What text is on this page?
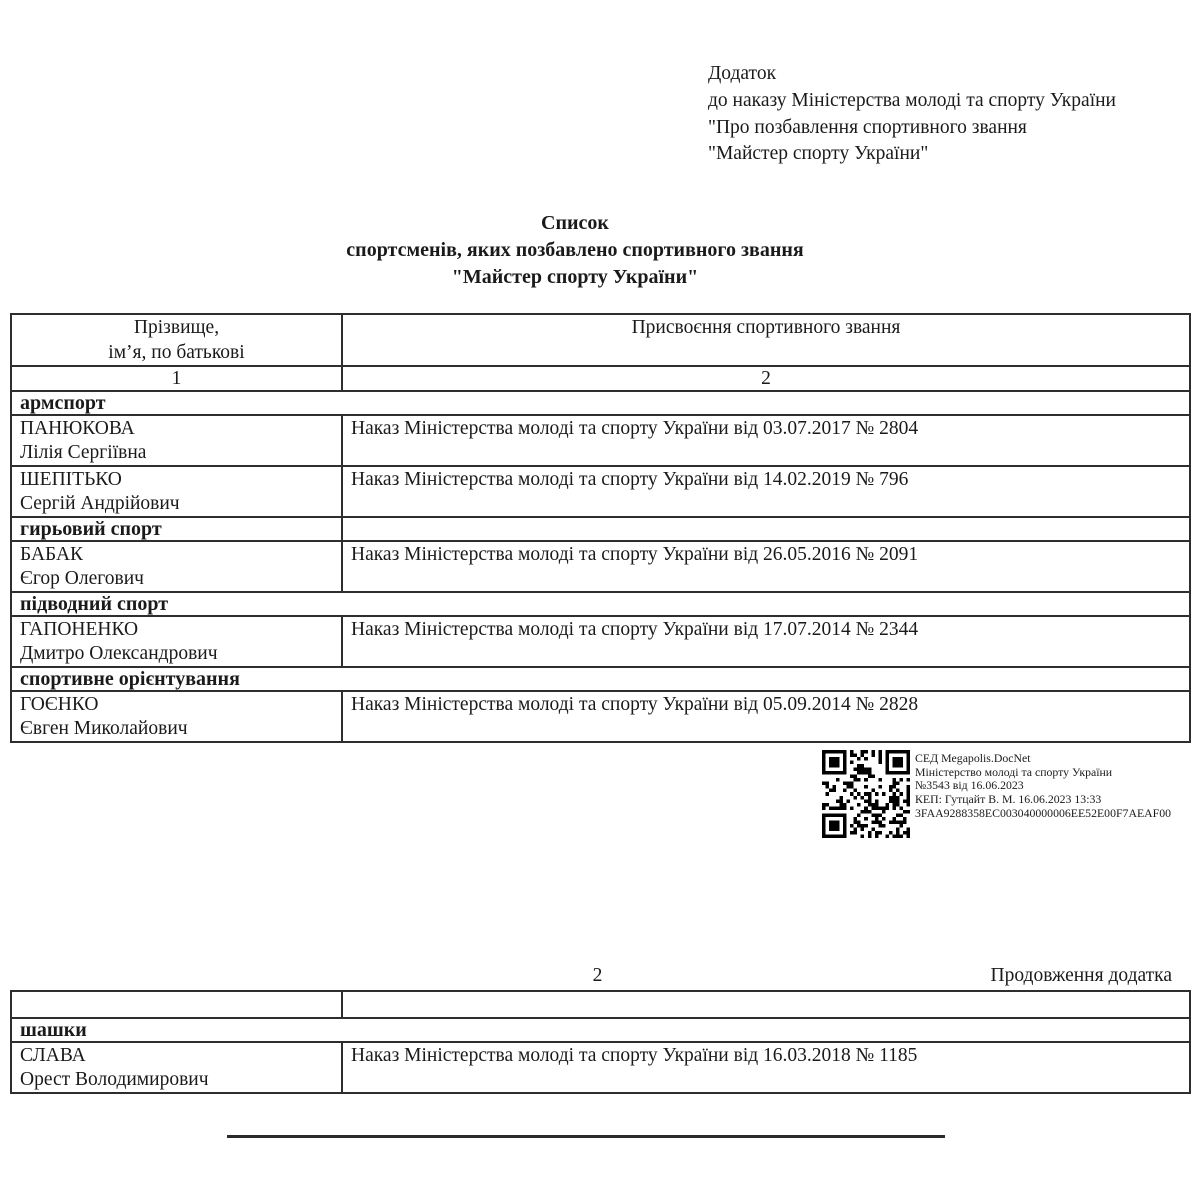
Додаток
до наказу Міністерства молоді та спорту України
"Про позбавлення спортивного звання
"Майстер спорту України"
Список
спортсменів, яких позбавлено спортивного звання
"Майстер спорту України"
Прізвище,
ім’я, по батькові	Присвоєння спортивного звання
1	2
армспорт	

ПАНЮКОВА
Лілія Сергіївна	Наказ Міністерства молоді та спорту України від 03.07.2017 № 2804

ШЕПІТЬКО
Сергій Андрійович	Наказ Міністерства молоді та спорту України від 14.02.2019 № 796
гирьовий спорт	

БАБАК
Єгор Олегович	Наказ Міністерства молоді та спорту України від 26.05.2016 № 2091
підводний спорт	

ГАПОНЕНКО
Дмитро Олександрович	Наказ Міністерства молоді та спорту України від 17.07.2014 № 2344
спортивне орієнтування	

ГОЄНКО
Євген Миколайович	Наказ Міністерства молоді та спорту України від 05.09.2014 № 2828
СЕД Megapolis.DocNet
Міністерство молоді та спорту України
№3543 від 16.06.2023
КЕП: Гутцайт В. М. 16.06.2023 13:33
3FAA9288358EC003040000006EE52E00F7AEAF00
2	Продовження додатка

шашки	

СЛАВА
Орест Володимирович	Наказ Міністерства молоді та спорту України від 16.03.2018 № 1185
